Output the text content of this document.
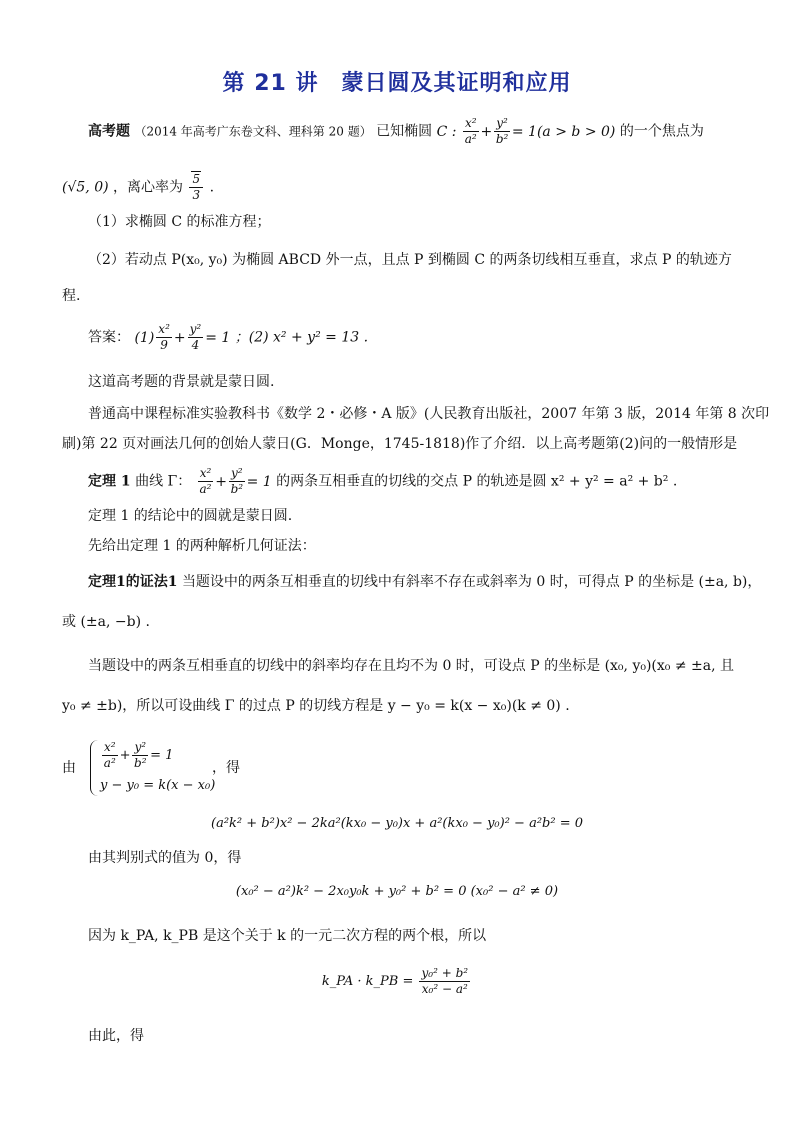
第 21 讲　蒙日圆及其证明和应用
高考题 （2014 年高考广东卷文科、理科第 20 题） 已知椭圆 C : $\frac{\text{x²}}{\text{a²}} + \frac{\text{y²}}{\text{b²}} = 1(a > b > 0)$ 的一个焦点为
(√5, 0) ，离心率为 $\frac{5}{3}$ .
（1）求椭圆 C 的标准方程；
（2）若动点 P(x₀, y₀) 为椭圆 ABCD 外一点，且点 P 到椭圆 C 的两条切线相互垂直，求点 P 的轨迹方
程.
答案： $(1) \frac{\text{x²}}{9} + \frac{\text{y²}}{4} = 1$ ；(2) x² + y² = 13 .
这道高考题的背景就是蒙日圆.
普通高中课程标准实验教科书《数学 2・必修・A 版》(人民教育出版社，2007 年第 3 版，2014 年第 8 次印
刷)第 22 页对画法几何的创始人蒙日(G．Monge，1745-1818)作了介绍．以上高考题第(2)问的一般情形是
定理 1 曲线 Γ： $\frac{\text{x²}}{\text{a²}} + \frac{\text{y²}}{\text{b²}} = 1$ 的两条互相垂直的切线的交点 P 的轨迹是圆 x² + y² = a² + b² .
定理 1 的结论中的圆就是蒙日圆.
先给出定理 1 的两种解析几何证法：
定理1的证法1 当题设中的两条互相垂直的切线中有斜率不存在或斜率为 0 时，可得点 P 的坐标是 (±a, b)，
或 (±a, −b) .
当题设中的两条互相垂直的切线中的斜率均存在且均不为 0 时，可设点 P 的坐标是 (x₀, y₀)(x₀ ≠ ±a, 且
y₀ ≠ ±b)，所以可设曲线 Γ 的过点 P 的切线方程是 y − y₀ = k(x − x₀)(k ≠ 0) .
由 $\frac{\text{x²}}{\text{a²}} + \frac{\text{y²}}{\text{b²}} = 1$
y − y₀ = k(x − x₀)
，得
(a²k² + b²)x² − 2ka²(kx₀ − y₀)x + a²(kx₀ − y₀)² − a²b² = 0
由其判别式的值为 0，得
(x₀² − a²)k² − 2x₀y₀k + y₀² + b² = 0 (x₀² − a² ≠ 0)
因为 k_PA, k_PB 是这个关于 k 的一元二次方程的两个根，所以
k_PA · k_PB = $\frac{\text{y₀² + b²}}{\text{x₀² − a²}}$
由此，得
